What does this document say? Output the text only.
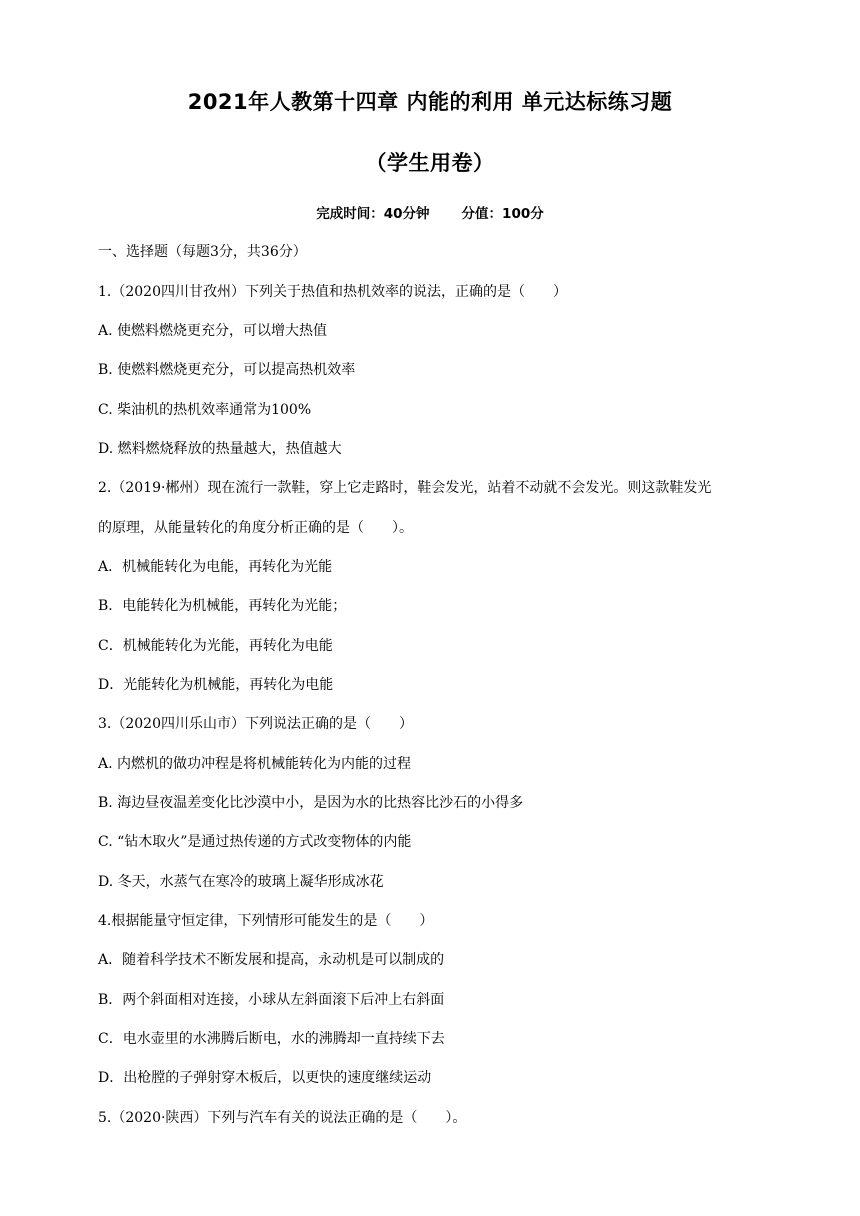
2021年人教第十四章 内能的利用 单元达标练习题
（学生用卷）
完成时间：40分钟 分值：100分
一、选择题（每题3分，共36分）
1.（2020四川甘孜州）下列关于热值和热机效率的说法，正确的是（　　）
A. 使燃料燃烧更充分，可以增大热值
B. 使燃料燃烧更充分，可以提高热机效率
C. 柴油机的热机效率通常为100%
D. 燃料燃烧释放的热量越大，热值越大
2.（2019·郴州）现在流行一款鞋，穿上它走路时，鞋会发光，站着不动就不会发光。则这款鞋发光
的原理，从能量转化的角度分析正确的是（　　）。
A．机械能转化为电能，再转化为光能
B．电能转化为机械能，再转化为光能；
C．机械能转化为光能，再转化为电能
D．光能转化为机械能，再转化为电能
3.（2020四川乐山市）下列说法正确的是（　　）
A. 内燃机的做功冲程是将机械能转化为内能的过程
B. 海边昼夜温差变化比沙漠中小，是因为水的比热容比沙石的小得多
C. “钻木取火”是通过热传递的方式改变物体的内能
D. 冬天，水蒸气在寒冷的玻璃上凝华形成冰花
4.根据能量守恒定律，下列情形可能发生的是（　　）
A．随着科学技术不断发展和提高，永动机是可以制成的
B．两个斜面相对连接，小球从左斜面滚下后冲上右斜面
C．电水壶里的水沸腾后断电，水的沸腾却一直持续下去
D．出枪膛的子弹射穿木板后，以更快的速度继续运动
5.（2020·陕西）下列与汽车有关的说法正确的是（　　）。
